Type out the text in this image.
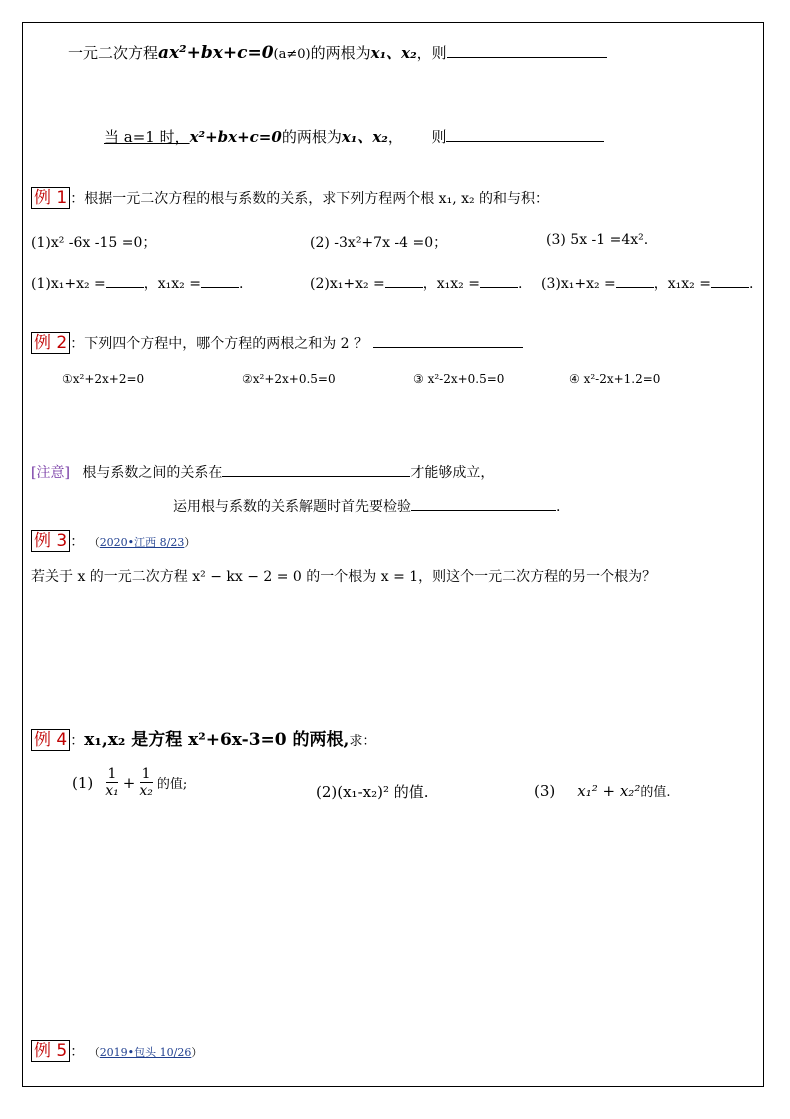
一元二次方程ax²+bx+c=0(a≠0)的两根为x₁、x₂，则
当 a=1 时，x²+bx+c=0的两根为x₁、x₂，      则
例 1 ：根据一元二次方程的根与系数的关系，求下列方程两个根 x₁, x₂ 的和与积：
(1)x² -6x -15 =0；	(2) -3x²+7x -4 =0；	(3) 5x -1 =4x².
(1)x₁+x₂ =	，x₁x₂ =	.	(2)x₁+x₂ =	，x₁x₂ =	. (3)x₁+x₂ =	，x₁x₂ =	.
例 2 ：下列四个方程中，哪个方程的两根之和为 2 ？
①x²+2x+2=0	②x²+2x+0.5=0	③ x²-2x+0.5=0	④ x²-2x+1.2=0
[注意] 根与系数之间的关系在	才能够成立，
运用根与系数的关系解题时首先要检验	.
例 3 ： （2020•江西 8/23）
若关于 x 的一元二次方程 x² − kx − 2 = 0 的一个根为 x = 1，则这个一元二次方程的另一个根为？
例 4 ：x₁,x₂ 是方程 x²+6x-3=0 的两根,求：
$(1) \frac{1}{\text{x₁}} + \frac{1}{\text{x₂}}$ 的值;	(2)(x₁-x₂)² 的值.	(3) x₁² + x₂²的值.
例 5 ： （2019•包头 10/26）
